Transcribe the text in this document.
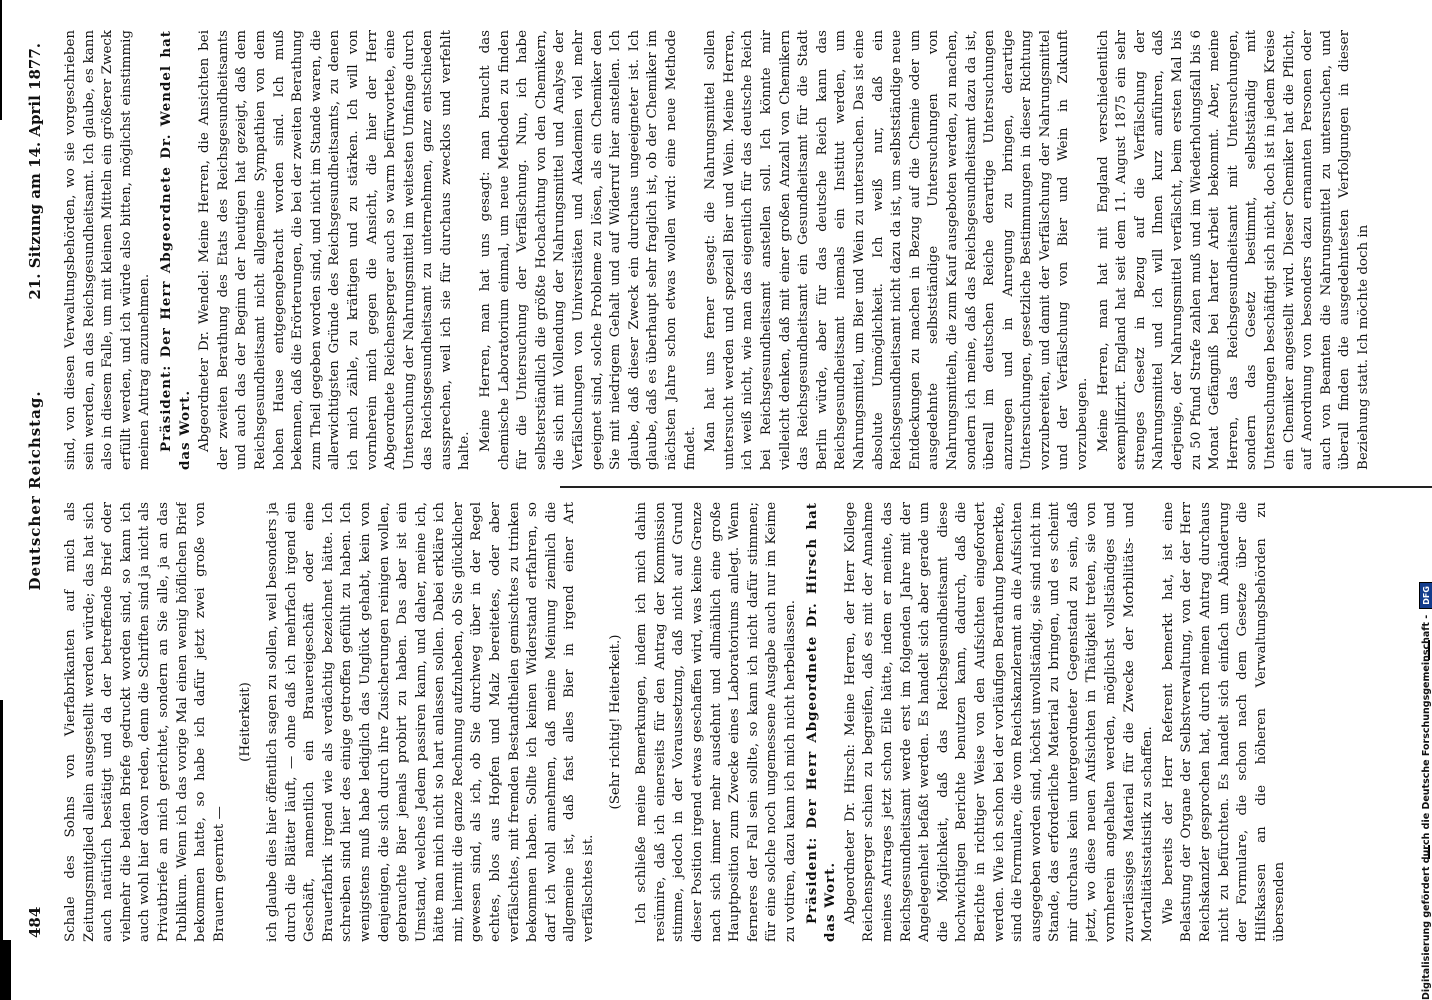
484
Deutscher Reichstag.
21. Sitzung am 14. April 1877.

Schale des Sohns von Vierfabrikanten auf mich als Zeitungsmitglied allein ausgestellt werden würde; das hat sich auch natürlich bestätigt und da der betreffende Brief oder vielmehr die beiden Briefe gedruckt worden sind, so kann ich auch wohl hier davon reden, denn die Schriften sind ja nicht als Privatbriefe an mich gerichtet, sondern an Sie alle, ja an das Publikum. Wenn ich das vorige Mal einen wenig höflichen Brief bekommen hatte, so habe ich dafür jetzt zwei große von Brauern geerntet —

(Heiterkeit) ich glaube dies hier öffentlich sagen zu sollen, weil besonders ja durch die Blätter läuft, — ohne daß ich mehrfach irgend ein Geschäft, namentlich ein Brauereigeschäft oder eine Brauerfabrik irgend wie als verdächtig bezeichnet hätte. Ich schreiben sind hier des einige getroffen gefühlt zu haben. Ich wenigstens muß habe lediglich das Unglück gehabt, kein von denjenigen, die sich durch ihre Zusicherungen reinigen wollen, gebrauchte Bier jemals probirt zu haben. Das aber ist ein Umstand, welches Jedem passiren kann, und daher, meine ich, hätte man mich nicht so hart anlassen sollen. Dabei erkläre ich mir, hiermit die ganze Rechnung aufzuheben, ob Sie glücklicher gewesen sind, als ich, ob Sie durchweg über in der Regel echtes, blos aus Hopfen und Malz bereitetes, oder aber verfälschtes, mit fremden Bestandtheilen gemischtes zu trinken bekommen haben. Sollte ich keinen Widerstand erfahren, so darf ich wohl annehmen, daß meine Meinung ziemlich die allgemeine ist, daß fast alles Bier in irgend einer Art verfälschtes ist.

(Sehr richtig! Heiterkeit.) Ich schließe meine Bemerkungen, indem ich mich dahin resümire, daß ich einerseits für den Antrag der Kommission stimme, jedoch in der Voraussetzung, daß nicht auf Grund dieser Position irgend etwas geschaffen wird, was keine Grenze nach sich immer mehr ausdehnt und allmählich eine große Hauptposition zum Zwecke eines Laboratoriums anlegt. Wenn ferneres der Fall sein sollte, so kann ich nicht dafür stimmen; für eine solche noch ungemessene Ausgabe auch nur im Keime zu votiren, dazu kann ich mich nicht herbeilassen. Präsident: Der Herr Abgeordnete Dr. Hirsch hat das Wort. Abgeordneter Dr. Hirsch: Meine Herren, der Herr Kollege Reichensperger schien zu begreifen, daß es mit der Annahme meines Antrages jetzt schon Eile hätte, indem er meinte, das Reichsgesundheitsamt werde erst im folgenden Jahre mit der Angelegenheit befaßt werden. Es handelt sich aber gerade um die Möglichkeit, daß das Reichsgesundheitsamt diese hochwichtigen Berichte benutzen kann, dadurch, daß die Berichte in richtiger Weise von den Aufsichten eingefordert werden. Wie ich schon bei der vorläufigen Berathung bemerkte, sind die Formulare, die vom Reichskanzleramt an die Aufsichten ausgegeben worden sind, höchst unvollständig, sie sind nicht im Stande, das erforderliche Material zu bringen, und es scheint mir durchaus kein untergeordneter Gegenstand zu sein, daß jetzt, wo diese neuen Aufsichten in Thätigkeit treten, sie von vornherein angehalten werden, möglichst vollständiges und zuverlässiges Material für die Zwecke der Morbilitäts- und Mortalitätsstatistik zu schaffen. Wie bereits der Herr Referent bemerkt hat, ist eine Belastung der Organe der Selbstverwaltung, von der der Herr Reichskanzler gesprochen hat, durch meinen Antrag durchaus nicht zu befürchten. Es handelt sich einfach um Abänderung der Formulare, die schon nach dem Gesetze über die Hilfskassen an die höheren Verwaltungsbehörden zu übersenden

sind, von diesen Verwaltungsbehörden, wo sie vorgeschrieben sein werden, an das Reichsgesundheitsamt. Ich glaube, es kann also in diesem Falle, um mit kleinen Mitteln ein größerer Zweck erfüllt werden, und ich würde also bitten, möglichst einstimmig meinen Antrag anzunehmen. Präsident: Der Herr Abgeordnete Dr. Wendel hat das Wort. Abgeordneter Dr. Wendel: Meine Herren, die Ansichten bei der zweiten Berathung des Etats des Reichsgesundheitsamts und auch das der Beginn der heutigen hat gezeigt, daß dem Reichsgesundheitsamt nicht allgemeine Sympathien von dem hohen Hause entgegengebracht worden sind. Ich muß bekennen, daß die Erörterungen, die bei der zweiten Berathung zum Theil gegeben worden sind, und nicht im Stande waren, die allerwichtigsten Gründe des Reichsgesundheitsamts, zu denen ich mich zähle, zu kräftigen und zu stärken. Ich will von vornherein mich gegen die Ansicht, die hier der Herr Abgeordnete Reichensperger auch so warm befürwortete, eine Untersuchung der Nahrungsmittel im weitesten Umfange durch das Reichsgesundheitsamt zu unternehmen, ganz entschieden aussprechen, weil ich sie für durchaus zwecklos und verfehlt halte. Meine Herren, man hat uns gesagt: man braucht das chemische Laboratorium einmal, um neue Methoden zu finden für die Untersuchung der Verfälschung. Nun, ich habe selbsterständlich die größte Hochachtung von den Chemikern, die sich mit Vollendung der Nahrungsmittel und Analyse der Verfälschungen von Universitäten und Akademien viel mehr geeignet sind, solche Probleme zu lösen, als ein Chemiker den Sie mit niedrigem Gehalt und auf Widerruf hier anstellen. Ich glaube, daß dieser Zweck ein durchaus ungeeigneter ist. Ich glaube, daß es überhaupt sehr fraglich ist, ob der Chemiker im nächsten Jahre schon etwas wollen wird: eine neue Methode findet. Man hat uns ferner gesagt: die Nahrungsmittel sollen untersucht werden und speziell Bier und Wein. Meine Herren, ich weiß nicht, wie man das eigentlich für das deutsche Reich bei Reichsgesundheitsamt anstellen soll. Ich könnte mir vielleicht denken, daß mit einer großen Anzahl von Chemikern das Reichsgesundheitsamt ein Gesundheitsamt für die Stadt Berlin würde, aber für das deutsche Reich kann das Reichsgesundheitsamt niemals ein Institut werden, um Nahrungsmittel, um Bier und Wein zu untersuchen. Das ist eine absolute Unmöglichkeit. Ich weiß nur, daß ein Reichsgesundheitsamt nicht dazu da ist, um selbstständige neue Entdeckungen zu machen in Bezug auf die Chemie oder um ausgedehnte selbstständige Untersuchungen von Nahrungsmitteln, die zum Kauf ausgeboten werden, zu machen, sondern ich meine, daß das Reichsgesundheitsamt dazu da ist, überall im deutschen Reiche derartige Untersuchungen anzuregen und in Anregung zu bringen, derartige Untersuchungen, gesetzliche Bestimmungen in dieser Richtung vorzubereiten, und damit der Verfälschung der Nahrungsmittel und der Verfälschung von Bier und Wein in Zukunft vorzubeugen. Meine Herren, man hat mit England verschiedentlich exemplifizirt. England hat seit dem 11. August 1875 ein sehr strenges Gesetz in Bezug auf die Verfälschung der Nahrungsmittel und ich will Ihnen kurz anführen, daß derjenige, der Nahrungsmittel verfälscht, beim ersten Mal bis zu 50 Pfund Strafe zahlen muß und im Wiederholungsfall bis 6 Monat Gefängniß bei harter Arbeit bekommt. Aber, meine Herren, das Reichsgesundheitsamt mit Untersuchungen, sondern das Gesetz bestimmt, selbstständig mit Untersuchungen beschäftigt sich nicht, doch ist in jedem Kreise ein Chemiker angestellt wird. Dieser Chemiker hat die Pflicht, auf Anordnung von besonders dazu ernannten Personen oder auch von Beamten die Nahrungsmittel zu untersuchen, und überall finden die ausgedehntesten Verfolgungen in dieser Beziehung statt. Ich möchte doch in

Digitalisierung gefördert durch die Deutsche Forschungsgemeinschaft -DFG
